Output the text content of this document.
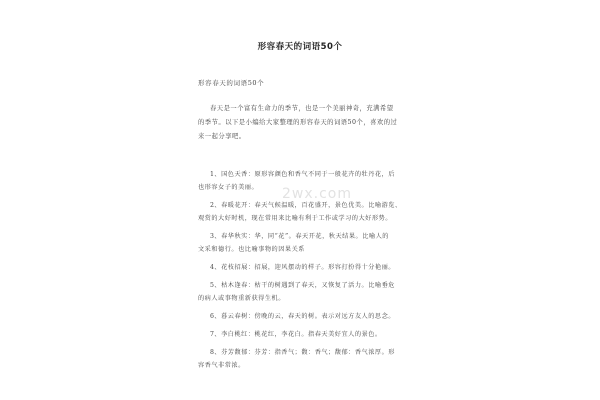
形容春天的词语50个
形容春天的词语50个
春天是一个富有生命力的季节，也是一个美丽神奇，充满希望
的季节。以下是小编给大家整理的形容春天的词语50个，喜欢的过
来一起分享吧。
1、国色天香：原形容颜色和香气不同于一般花卉的牡丹花，后
也形容女子的美丽。
2、春暖花开：春天气候温暖，百花盛开，景色优美。比喻游览、
观赏的大好时机，现在常用来比喻有利于工作或学习的大好形势。
3、春华秋实：华，同“花”。春天开花，秋天结果。比喻人的
文采和德行。也比喻事物的因果关系
4、花枝招展：招展，迎风摆动的样子。形容打扮得十分艳丽。
5、枯木逢春：枯干的树遇到了春天，又恢复了活力。比喻垂危
的病人或事物重新获得生机。
6、暮云春树：傍晚的云，春天的树。表示对远方友人的思念。
7、李白桃红：桃花红，李花白。指春天美好宜人的景色。
8、芬芳馥郁：芬芳：指香气；馥：香气；馥郁：香气浓厚。形
容香气非常浓。
2wx.com
